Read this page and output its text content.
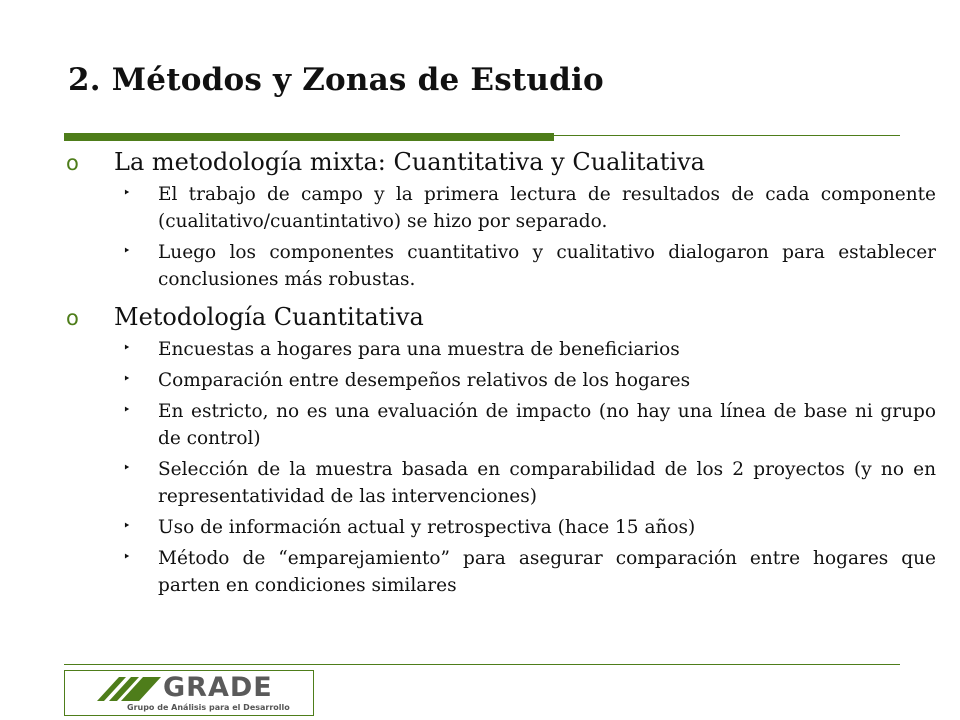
2. Métodos y Zonas de Estudio
o La metodología mixta: Cuantitativa y Cualitativa
‣ El trabajo de campo y la primera lectura de resultados de cada componente (cualitativo/cuantintativo) se hizo por separado.
‣ Luego los componentes cuantitativo y cualitativo dialogaron para establecer conclusiones más robustas.
o Metodología Cuantitativa
‣ Encuestas a hogares para una muestra de beneficiarios
‣ Comparación entre desempeños relativos de los hogares
‣ En estricto, no es una evaluación de impacto (no hay una línea de base ni grupo de control)
‣ Selección de la muestra basada en comparabilidad de los 2 proyectos (y no en representatividad de las intervenciones)
‣ Uso de información actual y retrospectiva (hace 15 años)
‣ Método de “emparejamiento” para asegurar comparación entre hogares que parten en condiciones similares
GRADE
Grupo de Análisis para el Desarrollo
